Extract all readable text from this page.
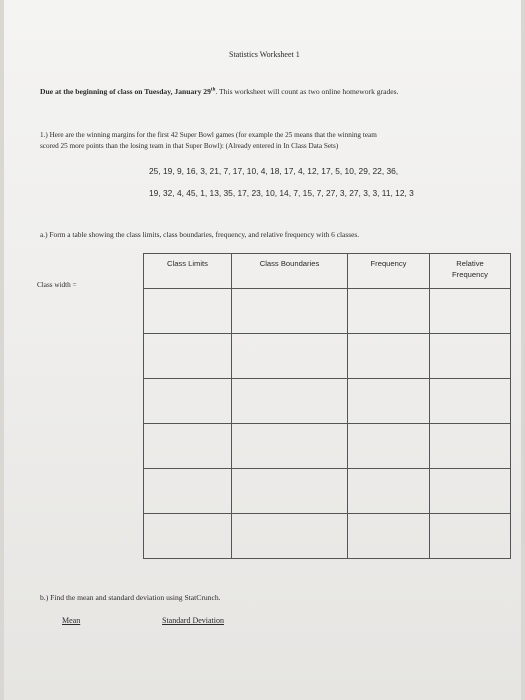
Statistics Worksheet 1
Due at the beginning of class on Tuesday, January 29th. This worksheet will count as two online homework grades.
1.) Here are the winning margins for the first 42 Super Bowl games (for example the 25 means that the winning team
scored 25 more points than the losing team in that Super Bowl): (Already entered in In Class Data Sets)
25, 19, 9, 16, 3, 21, 7, 17, 10, 4, 18, 17, 4, 12, 17, 5, 10, 29, 22, 36,
19, 32, 4, 45, 1, 13, 35, 17, 23, 10, 14, 7, 15, 7, 27, 3, 27, 3, 3, 11, 12, 3
a.) Form a table showing the class limits, class boundaries, frequency, and relative frequency with 6 classes.
Class width =
Class Limits	Class Boundaries	Frequency	Relative
Frequency

b.) Find the mean and standard deviation using StatCrunch.
Mean	Standard Deviation
